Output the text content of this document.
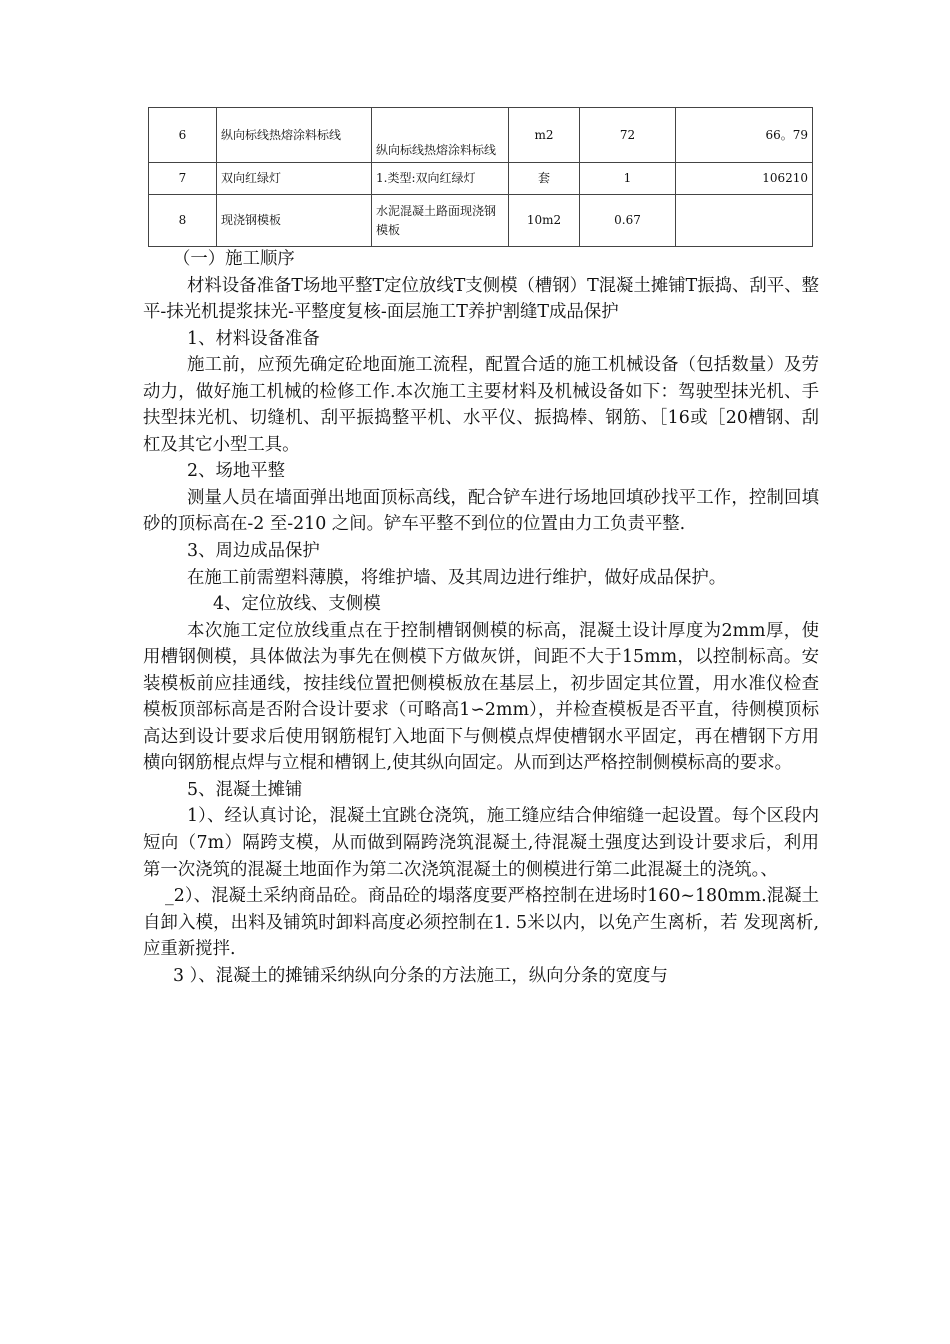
6	纵向标线热熔涂料标线	纵向标线热熔涂料标线	m2	72	66。79
7	双向红绿灯	1.类型:双向红绿灯	套	1	106210
8	现浇钢模板	水泥混凝土路面现浇钢模板	10m2	0.67	

（一）施工顺序

材料设备准备T场地平整T定位放线T支侧模（槽钢）T混凝土摊铺T振捣、刮平、整平-抹光机提浆抹光-平整度复核-面层施工T养护割缝T成品保护

1、材料设备准备

施工前，应预先确定砼地面施工流程，配置合适的施工机械设备（包括数量）及劳动力，做好施工机械的检修工作.本次施工主要材料及机械设备如下：驾驶型抹光机、手扶型抹光机、切缝机、刮平振捣整平机、水平仪、振捣棒、钢筋、［16或［20槽钢、刮杠及其它小型工具。

2、场地平整

测量人员在墙面弹出地面顶标高线，配合铲车进行场地回填砂找平工作，控制回填砂的顶标高在-2 至-210 之间。铲车平整不到位的位置由力工负责平整.

3、周边成品保护

在施工前需塑料薄膜，将维护墙、及其周边进行维护，做好成品保护。

4、定位放线、支侧模

本次施工定位放线重点在于控制槽钢侧模的标高，混凝土设计厚度为2mm厚，使用槽钢侧模，具体做法为事先在侧模下方做灰饼，间距不大于15mm，以控制标高。安装模板前应挂通线，按挂线位置把侧模板放在基层上，初步固定其位置，用水准仪检查模板顶部标高是否附合设计要求（可略高1∽2mm），并检查模板是否平直，待侧模顶标高达到设计要求后使用钢筋棍钉入地面下与侧模点焊使槽钢水平固定，再在槽钢下方用横向钢筋棍点焊与立棍和槽钢上,使其纵向固定。从而到达严格控制侧模标高的要求。

5、混凝土摊铺

1）、经认真讨论，混凝土宜跳仓浇筑，施工缝应结合伸缩缝一起设置。每个区段内短向（7m）隔跨支模，从而做到隔跨浇筑混凝土,待混凝土强度达到设计要求后，利用第一次浇筑的混凝土地面作为第二次浇筑混凝土的侧模进行第二此混凝土的浇筑。、

_2）、混凝土采纳商品砼。商品砼的塌落度要严格控制在进场时160~180mm.混凝土自卸入模，出料及铺筑时卸料高度必须控制在1. 5米以内，以免产生离析，若 发现离析,应重新搅拌.

3 ）、混凝土的摊铺采纳纵向分条的方法施工，纵向分条的宽度与
